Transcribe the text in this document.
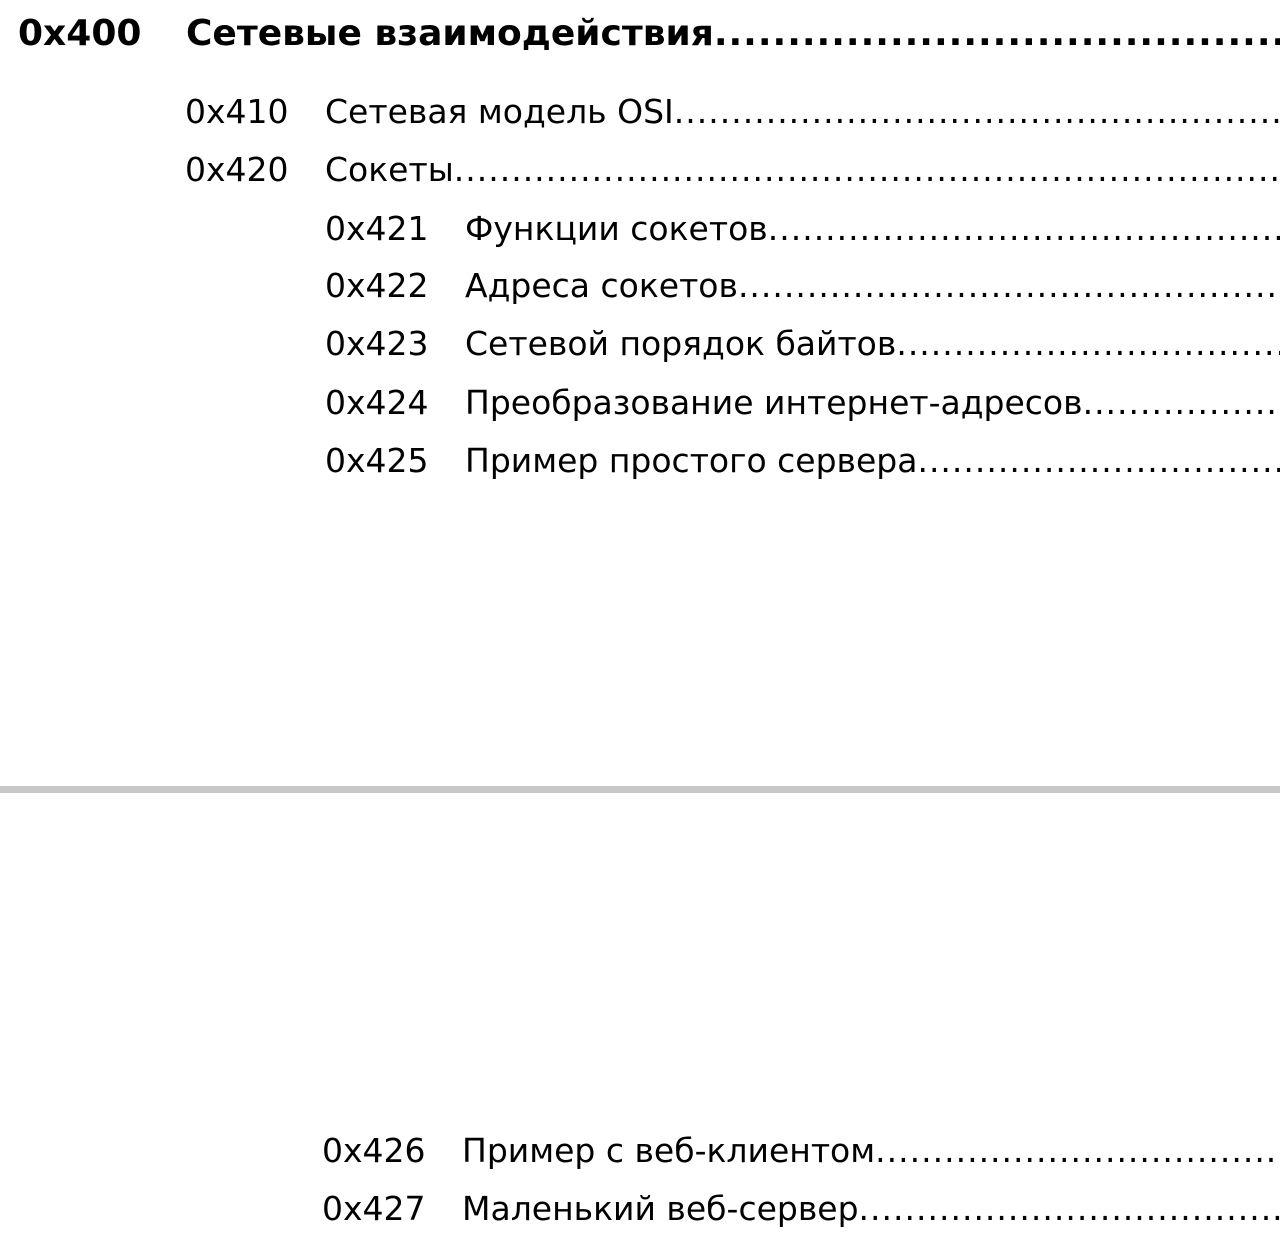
0x400	Сетевые взаимодействия
.....
0x410	Сетевая модель OSI
.....
0x420	Сокеты
.....
0x421	Функции сокетов
.....
0x422	Адреса сокетов
.....
0x423	Сетевой порядок байтов
.....
0x424	Преобразование интернет-адресов
.....
0x425	Пример простого сервера
.....
0x426	Пример с веб-клиентом
.....
0x427	Маленький веб-сервер
.....
